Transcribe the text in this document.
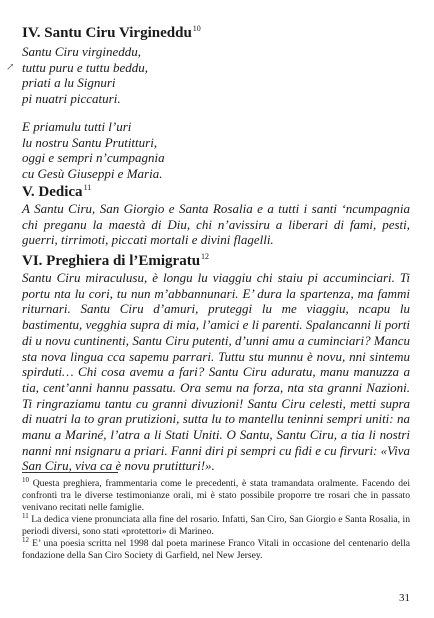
↗
IV. Santu Ciru Virgineddu$^{10}$
Santu Ciru virgineddu,
tuttu puru e tuttu beddu,
priati a lu Signuri
pi nuatri piccaturi.
E priamulu tutti l’uri
lu nostru Santu Prutitturi,
oggi e sempri n’cumpagnia
cu Gesù Giuseppi e Maria.
V. Dedica$^{11}$
A Santu Ciru, San Giorgio e Santa Rosalia e a tutti i santi ‘ncumpagnia chi preganu la maestà di Diu, chi n’avissiru a liberari di fami, pesti, guerri, tirrimoti, piccati mortali e divini flagelli.
VI. Preghiera di l’Emigratu$^{12}$
Santu Ciru miraculusu, è longu lu viaggiu chi staiu pi accuminciari. Ti portu nta lu cori, tu nun m’abbannunari. E’ dura la spartenza, ma fammi riturnari. Santu Ciru d’amuri, pruteggi lu me viaggiu, ncapu lu bastimentu, vegghia supra di mia, l’amici e li parenti. Spalancanni li porti di u novu cuntinenti, Santu Ciru putenti, d’unni amu a cuminciari? Mancu sta nova lingua cca sapemu parrari. Tuttu stu munnu è novu, nni sintemu spirduti… Chi cosa avemu a fari? Santu Ciru aduratu, manu manuzza a tia, cent’anni hannu passatu. Ora semu na forza, nta sta granni Nazioni. Ti ringraziamu tantu cu granni divuzioni! Santu Ciru celesti, metti supra di nuatri la to gran prutizioni, sutta lu to mantellu teninni sempri uniti: na manu a Mariné, l’atra a li Stati Uniti. O Santu, Santu Ciru, a tia li nostri nanni nni nsignaru a priari. Fanni diri pi sempri cu fidi e cu firvuri: «Viva San Ciru, viva ca è novu prutitturi!».

$^{10}$ Questa preghiera, frammentaria come le precedenti, è stata tramandata oralmente. Facendo dei confronti tra le diverse testimonianze orali, mi è stato possibile proporre tre rosari che in passato venivano recitati nelle famiglie.

$^{11}$ La dedica viene pronunciata alla fine del rosario. Infatti, San Ciro, San Giorgio e Santa Rosalia, in periodi diversi, sono stati «protettori» di Marineo.

$^{12}$ E’ una poesia scritta nel 1998 dal poeta marinese Franco Vitali in occasione del centenario della fondazione della San Ciro Society di Garfield, nel New Jersey.

31
